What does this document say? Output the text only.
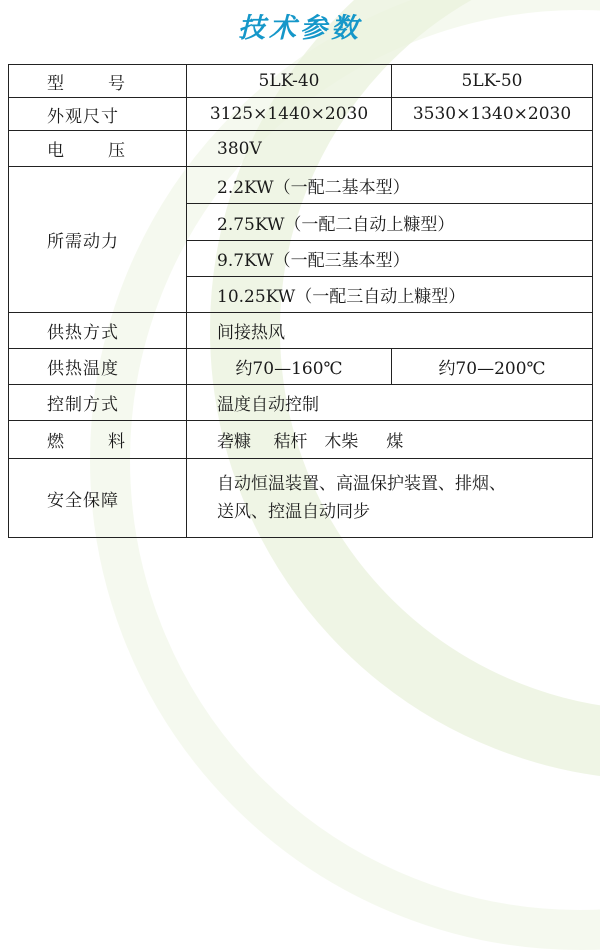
技术参数
型 号	5LK-40	5LK-50
外观尺寸	3125×1440×2030	3530×1340×2030
电 压	380V	
所需动力	2.2KW（一配二基本型）	
	2.75KW（一配二自动上糠型）	
	9.7KW（一配三基本型）	
	10.25KW（一配三自动上糠型）	
供热方式	间接热风	
供热温度	约70—160℃	约70—200℃
控制方式	温度自动控制	
燃 料	砻糠　 秸杆　木柴　  煤	
安全保障	自动恒温装置、高温保护装置、排烟、
送风、控温自动同步	
